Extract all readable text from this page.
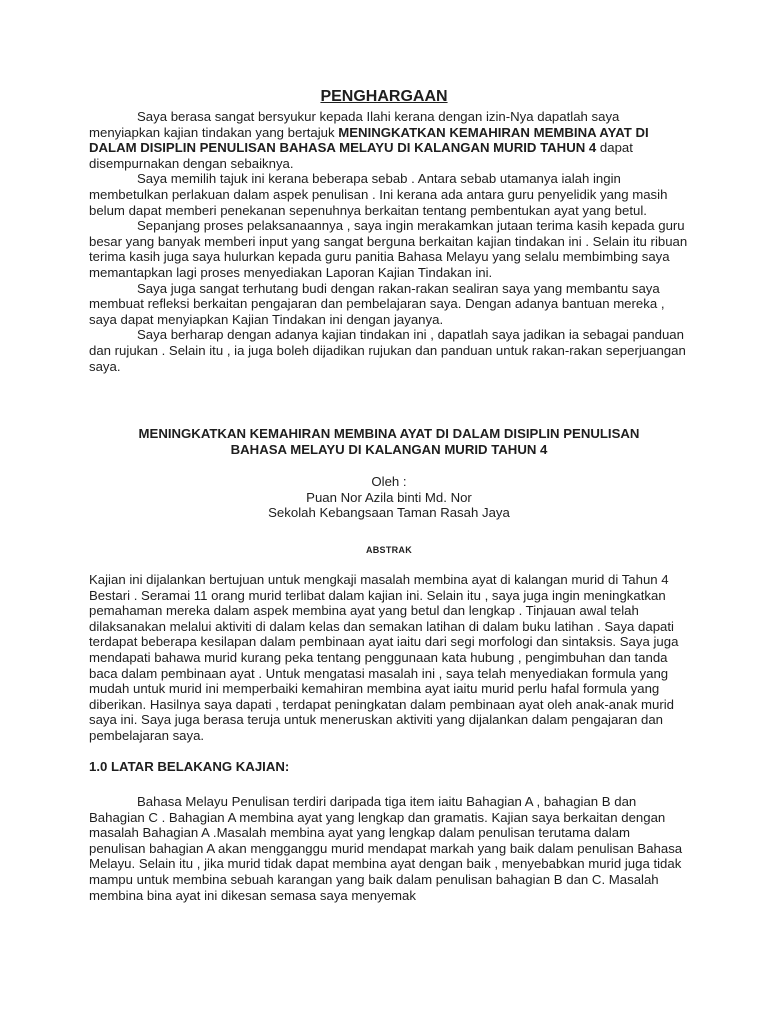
PENGHARGAAN

Saya berasa sangat bersyukur kepada Ilahi kerana dengan izin-Nya dapatlah saya menyiapkan kajian tindakan yang bertajuk MENINGKATKAN KEMAHIRAN MEMBINA AYAT DI DALAM DISIPLIN PENULISAN BAHASA MELAYU DI KALANGAN MURID TAHUN 4 dapat disempurnakan dengan sebaiknya.

Saya memilih tajuk ini kerana beberapa sebab . Antara sebab utamanya ialah ingin membetulkan perlakuan dalam aspek penulisan . Ini kerana ada antara guru penyelidik yang masih belum dapat memberi penekanan sepenuhnya berkaitan tentang pembentukan ayat yang betul.

Sepanjang proses pelaksanaannya , saya ingin merakamkan jutaan terima kasih kepada guru besar yang banyak memberi input yang sangat berguna berkaitan kajian tindakan ini . Selain itu ribuan terima kasih juga saya hulurkan kepada guru panitia Bahasa Melayu yang selalu membimbing saya memantapkan lagi proses menyediakan Laporan Kajian Tindakan ini.

Saya juga sangat terhutang budi dengan rakan-rakan sealiran saya yang membantu saya membuat refleksi berkaitan pengajaran dan pembelajaran saya. Dengan adanya bantuan mereka , saya dapat menyiapkan Kajian Tindakan ini dengan jayanya.

Saya berharap dengan adanya kajian tindakan ini , dapatlah saya jadikan ia sebagai panduan dan rujukan . Selain itu , ia juga boleh dijadikan rujukan dan panduan untuk rakan-rakan seperjuangan saya.

MENINGKATKAN KEMAHIRAN MEMBINA AYAT DI DALAM DISIPLIN PENULISAN
BAHASA MELAYU DI KALANGAN MURID TAHUN 4
Oleh :
Puan Nor Azila binti Md. Nor
Sekolah Kebangsaan Taman Rasah Jaya
ABSTRAK

Kajian ini dijalankan bertujuan untuk mengkaji masalah membina ayat di kalangan murid di Tahun 4 Bestari . Seramai 11 orang murid terlibat dalam kajian ini. Selain itu , saya juga ingin meningkatkan pemahaman mereka dalam aspek membina ayat yang betul dan lengkap . Tinjauan awal telah dilaksanakan melalui aktiviti di dalam kelas dan semakan latihan di dalam buku latihan . Saya dapati terdapat beberapa kesilapan dalam pembinaan ayat iaitu dari segi morfologi dan sintaksis. Saya juga mendapati bahawa murid kurang peka tentang penggunaan kata hubung , pengimbuhan dan tanda baca dalam pembinaan ayat . Untuk mengatasi masalah ini , saya telah menyediakan formula yang mudah untuk murid ini memperbaiki kemahiran membina ayat iaitu murid perlu hafal formula yang diberikan. Hasilnya saya dapati , terdapat peningkatan dalam pembinaan ayat oleh anak-anak murid saya ini. Saya juga berasa teruja untuk meneruskan aktiviti yang dijalankan dalam pengajaran dan pembelajaran saya.

1.0 LATAR BELAKANG KAJIAN:

Bahasa Melayu Penulisan terdiri daripada tiga item iaitu Bahagian A , bahagian B dan Bahagian C . Bahagian A membina ayat yang lengkap dan gramatis. Kajian saya berkaitan dengan masalah Bahagian A .Masalah membina ayat yang lengkap dalam penulisan terutama dalam penulisan bahagian A akan mengganggu murid mendapat markah yang baik dalam penulisan Bahasa Melayu. Selain itu , jika murid tidak dapat membina ayat dengan baik , menyebabkan murid juga tidak mampu untuk membina sebuah karangan yang baik dalam penulisan bahagian B dan C. Masalah membina bina ayat ini dikesan semasa saya menyemak
